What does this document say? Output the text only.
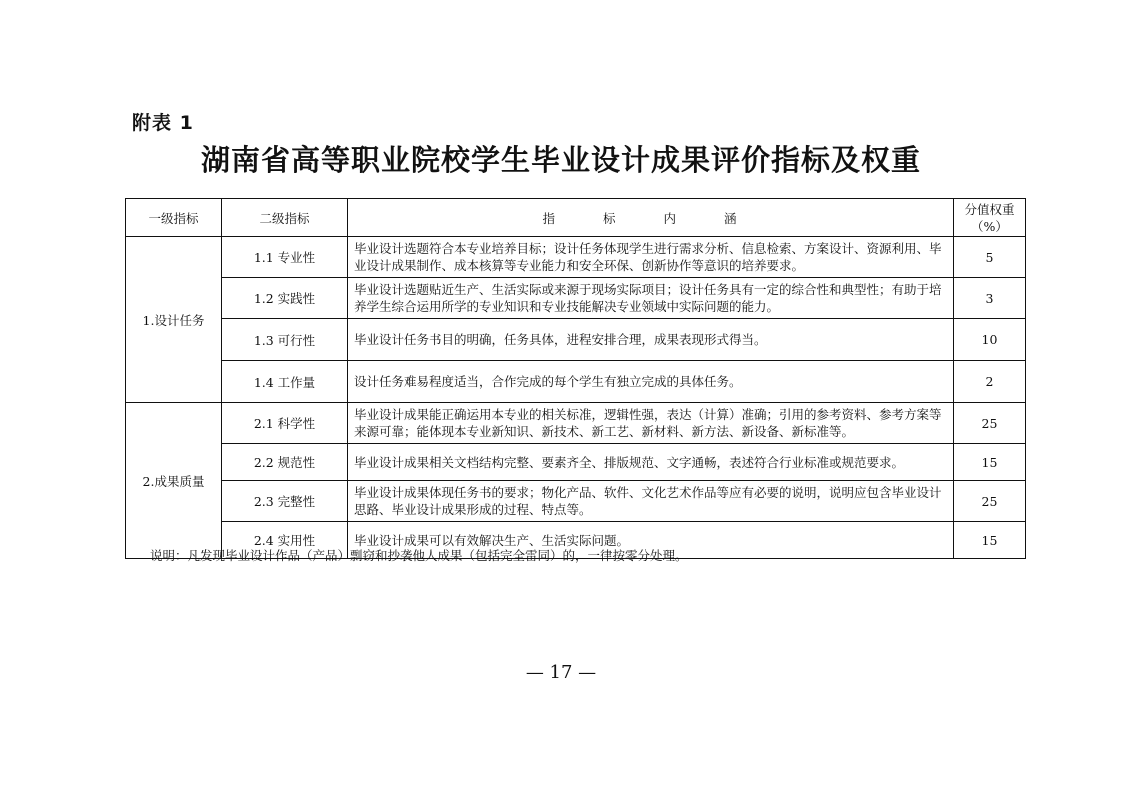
附表 1
湖南省高等职业院校学生毕业设计成果评价指标及权重
一级指标	二级指标	指 标 内 涵	分值权重
（%）

1.设计任务	1.1 专业性	毕业设计选题符合本专业培养目标；设计任务体现学生进行需求分析、信息检索、方案设计、资源利用、毕业设计成果制作、成本核算等专业能力和安全环保、创新协作等意识的培养要求。	5
	1.2 实践性	毕业设计选题贴近生产、生活实际或来源于现场实际项目；设计任务具有一定的综合性和典型性；有助于培养学生综合运用所学的专业知识和专业技能解决专业领域中实际问题的能力。	3
	1.3 可行性	毕业设计任务书目的明确，任务具体，进程安排合理，成果表现形式得当。	10
	1.4 工作量	设计任务难易程度适当，合作完成的每个学生有独立完成的具体任务。	2
2.成果质量	2.1 科学性	毕业设计成果能正确运用本专业的相关标准，逻辑性强，表达（计算）准确；引用的参考资料、参考方案等来源可靠；能体现本专业新知识、新技术、新工艺、新材料、新方法、新设备、新标准等。	25
	2.2 规范性	毕业设计成果相关文档结构完整、要素齐全、排版规范、文字通畅，表述符合行业标准或规范要求。	15
	2.3 完整性	毕业设计成果体现任务书的要求；物化产品、软件、文化艺术作品等应有必要的说明，说明应包含毕业设计思路、毕业设计成果形成的过程、特点等。	25
	2.4 实用性	毕业设计成果可以有效解决生产、生活实际问题。	15
说明：凡发现毕业设计作品（产品）剽窃和抄袭他人成果（包括完全雷同）的，一律按零分处理。
— 17 —
